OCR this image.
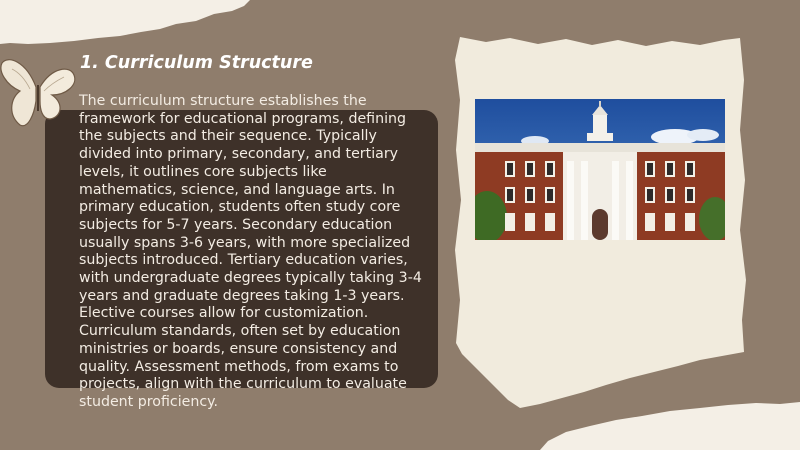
1. Curriculum Structure

The curriculum structure establishes the framework for educational programs, defining the subjects and their sequence. Typically divided into primary, secondary, and tertiary levels, it outlines core subjects like mathematics, science, and language arts. In primary education, students often study core subjects for 5-7 years. Secondary education usually spans 3-6 years, with more specialized subjects introduced. Tertiary education varies, with undergraduate degrees typically taking 3-4 years and graduate degrees taking 1-3 years. Elective courses allow for customization. Curriculum standards, often set by education ministries or boards, ensure consistency and quality. Assessment methods, from exams to projects, align with the curriculum to evaluate student proficiency.
